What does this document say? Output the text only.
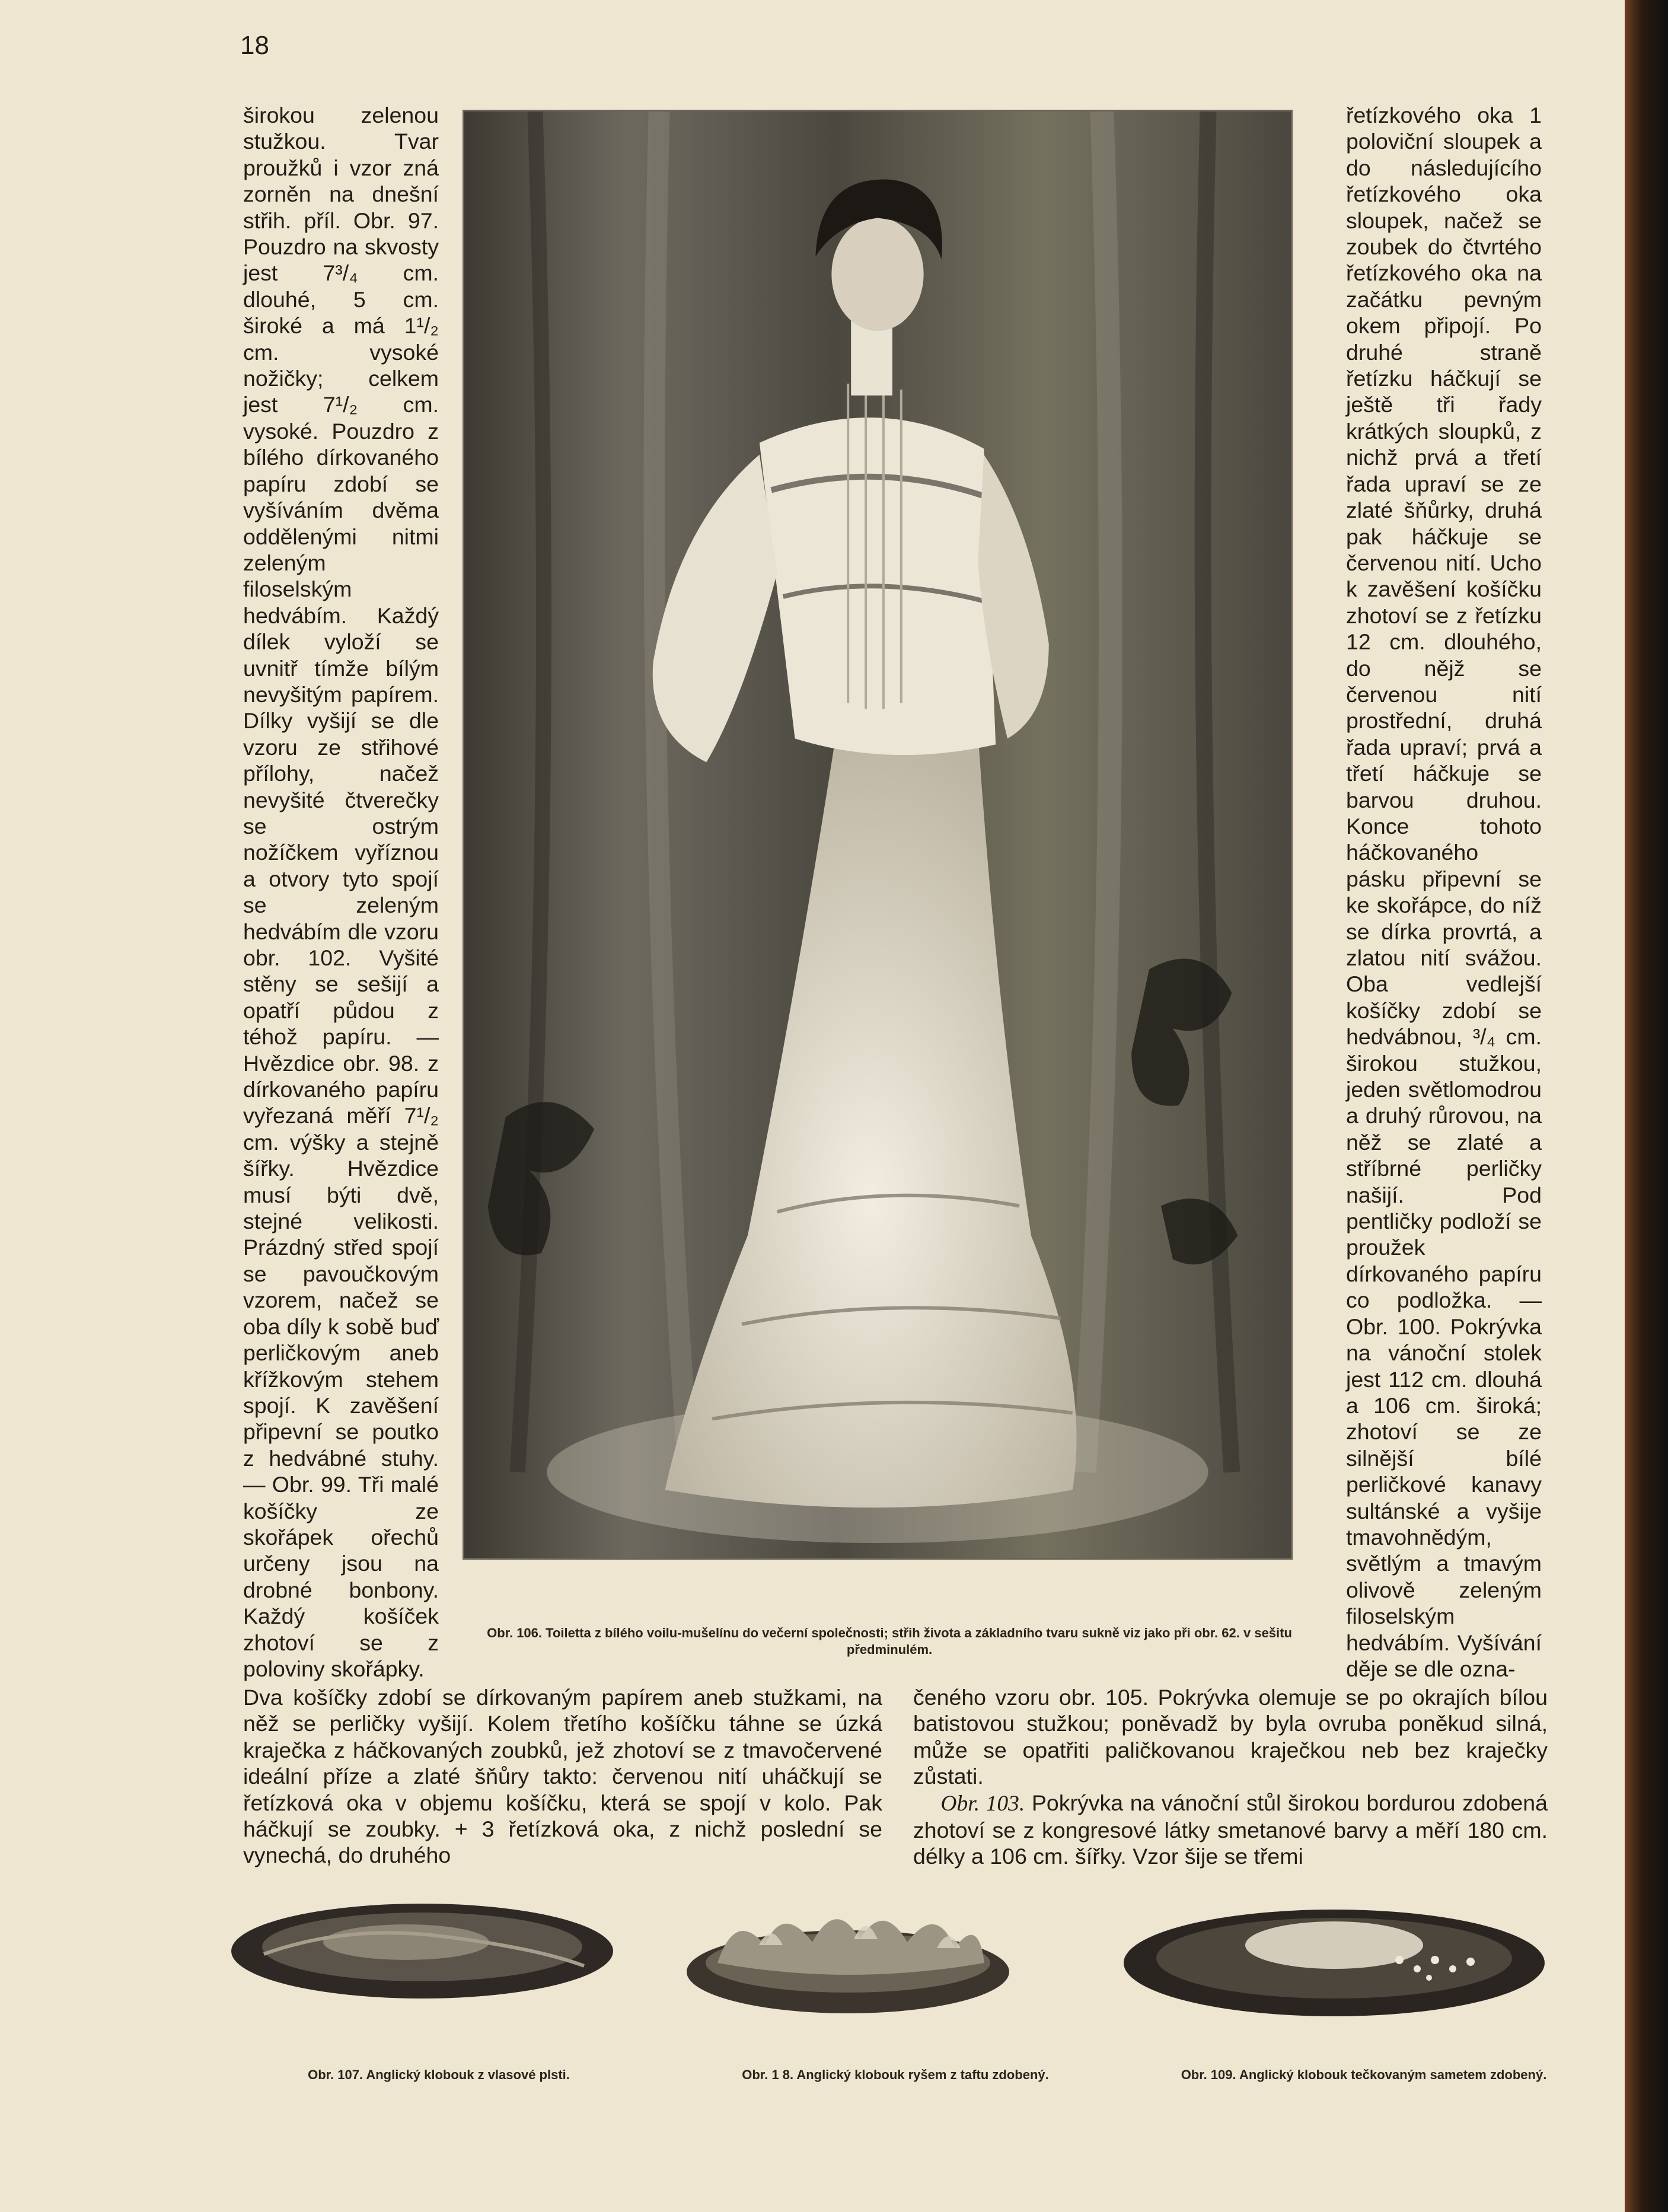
18

širokou zelenou stužkou. Tvar proužků i vzor zná zorněn na dnešní střih. příl. Obr. 97. Pouzdro na skvosty jest 7³/₄ cm. dlouhé, 5 cm. široké a má 1¹/₂ cm. vysoké nožičky; celkem jest 7¹/₂ cm. vysoké. Pouzdro z bílého dírkovaného papíru zdobí se vyšíváním dvěma oddělenými nitmi zeleným filoselským hedvábím. Každý dílek vyloží se uvnitř tímže bílým nevyšitým papírem. Dílky vyšijí se dle vzoru ze střihové přílohy, načež nevyšité čtverečky se ostrým nožíčkem vyříznou a otvory tyto spojí se zeleným hedvábím dle vzoru obr. 102. Vyšité stěny se sešijí a opatří půdou z téhož papíru. — Hvězdice obr. 98. z dírkovaného papíru vyřezaná měří 7¹/₂ cm. výšky a stejně šířky. Hvězdice musí býti dvě, stejné velikosti. Prázdný střed spojí se pavoučkovým vzorem, načež se oba díly k sobě buď perličkovým aneb křížkovým stehem spojí. K zavěšení připevní se poutko z hedvábné stuhy. — Obr. 99. Tři malé košíčky ze skořápek ořechů určeny jsou na drobné bonbony. Každý košíček zhotoví se z poloviny skořápky.

Obr. 106. Toiletta z bílého voilu-mušelínu do večerní společnosti; střih života a základního tvaru sukně viz jako při obr. 62. v sešitu předminulém.

řetízkového oka 1 poloviční sloupek a do následujícího řetízkového oka sloupek, načež se zoubek do čtvrtého řetízkového oka na začátku pevným okem připojí. Po druhé straně řetízku háčkují se ještě tři řady krátkých sloupků, z nichž prvá a třetí řada upraví se ze zlaté šňůrky, druhá pak háčkuje se červenou nití. Ucho k zavěšení košíčku zhotoví se z řetízku 12 cm. dlouhého, do nějž se červenou nití prostřední, druhá řada upraví; prvá a třetí háčkuje se barvou druhou. Konce tohoto háčkovaného pásku připevní se ke skořápce, do níž se dírka provrtá, a zlatou nití svážou. Oba vedlejší košíčky zdobí se hedvábnou, ³/₄ cm. širokou stužkou, jeden světlomodrou a druhý růrovou, na něž se zlaté a stříbrné perličky našijí. Pod pentličky podloží se proužek dírkovaného papíru co podložka. — Obr. 100. Pokrývka na vánoční stolek jest 112 cm. dlouhá a 106 cm. široká; zhotoví se ze silnější bílé perličkové kanavy sultánské a vyšije tmavohnědým, světlým a tmavým olivově zeleným filoselským hedvábím. Vyšívání děje se dle ozna-

Dva košíčky zdobí se dírkovaným papírem aneb stužkami, na něž se perličky vyšijí. Kolem třetího košíčku táhne se úzká kraječka z háčkovaných zoubků, jež zhotoví se z tmavočervené ideální příze a zlaté šňůry takto: červenou nití uháčkují se řetízková oka v objemu košíčku, která se spojí v kolo. Pak háčkují se zoubky. + 3 řetízková oka, z nichž poslední se vynechá, do druhého

čeného vzoru obr. 105. Pokrývka olemuje se po okrajích bílou batistovou stužkou; poněvadž by byla ovruba poněkud silná, může se opatřiti paličkovanou kraječkou neb bez kraječky zůstati.
Obr. 103. Pokrývka na vánoční stůl širokou bordurou zdobená zhotoví se z kongresové látky smetanové barvy a měří 180 cm. délky a 106 cm. šířky. Vzor šije se třemi
Obr. 107. Anglický klobouk z vlasové plsti.	Obr. 1 8. Anglický klobouk ryšem z taftu zdobený.	Obr. 109. Anglický klobouk tečkovaným sametem zdobený.
